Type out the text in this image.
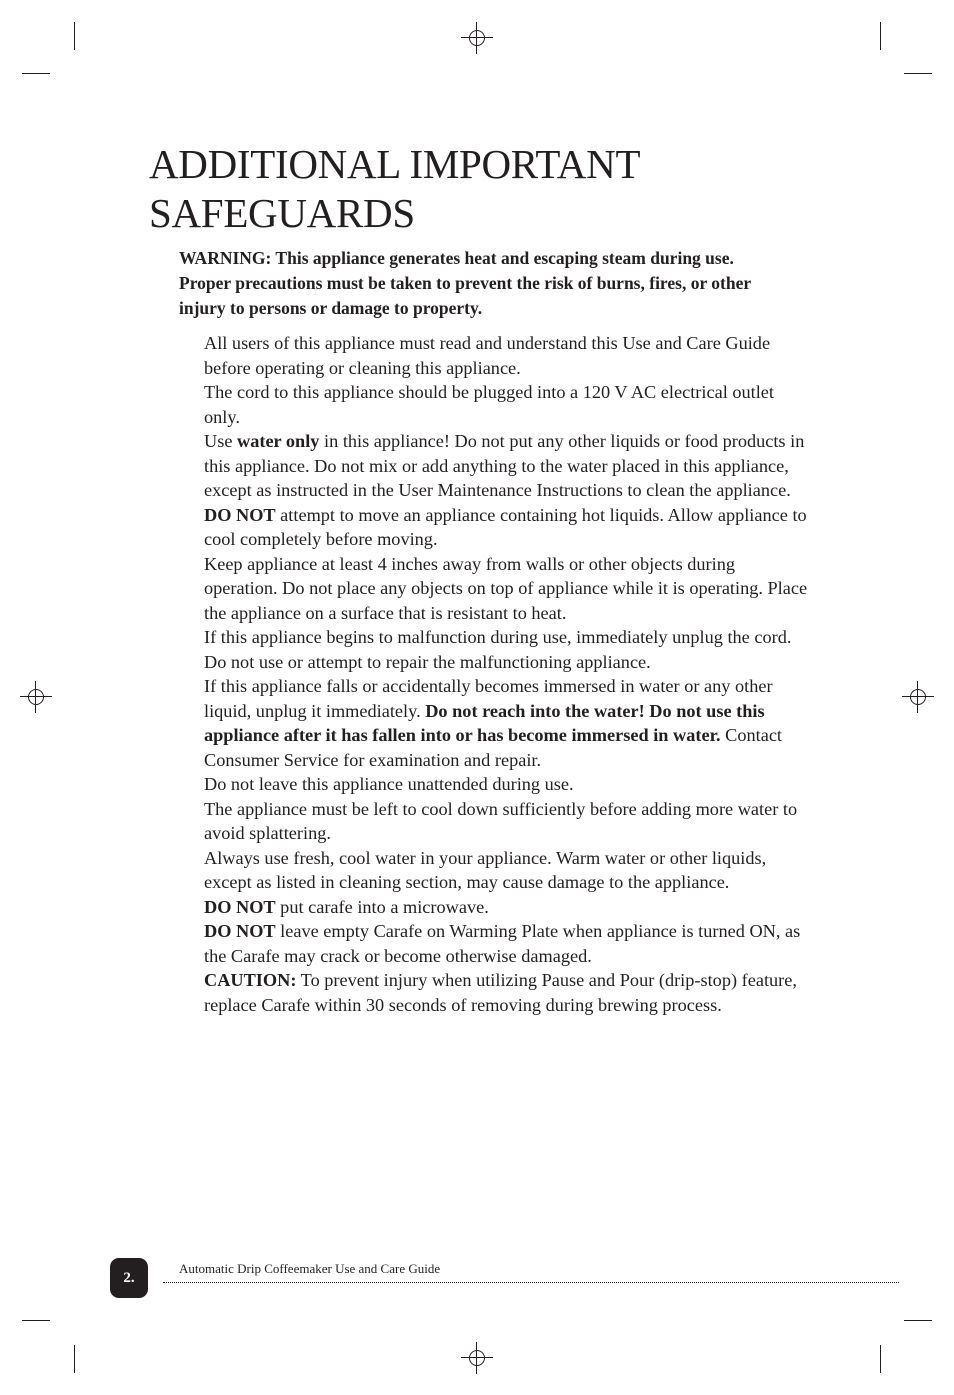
ADDITIONAL IMPORTANT
SAFEGUARDS
WARNING: This appliance generates heat and escaping steam during use. Proper precautions must be taken to prevent the risk of burns, fires, or other injury to persons or damage to property.
All users of this appliance must read and understand this Use and Care Guide before operating or cleaning this appliance.
The cord to this appliance should be plugged into a 120 V AC electrical outlet only.
Use water only in this appliance! Do not put any other liquids or food products in this appliance. Do not mix or add anything to the water placed in this appliance, except as instructed in the User Maintenance Instructions to clean the appliance.
DO NOT attempt to move an appliance containing hot liquids. Allow appliance to cool completely before moving.
Keep appliance at least 4 inches away from walls or other objects during operation. Do not place any objects on top of appliance while it is operating. Place the appliance on a surface that is resistant to heat.
If this appliance begins to malfunction during use, immediately unplug the cord. Do not use or attempt to repair the malfunctioning appliance.
If this appliance falls or accidentally becomes immersed in water or any other liquid, unplug it immediately. Do not reach into the water! Do not use this appliance after it has fallen into or has become immersed in water. Contact Consumer Service for examination and repair.
Do not leave this appliance unattended during use.
The appliance must be left to cool down sufficiently before adding more water to avoid splattering.
Always use fresh, cool water in your appliance. Warm water or other liquids, except as listed in cleaning section, may cause damage to the appliance.
DO NOT put carafe into a microwave.
DO NOT leave empty Carafe on Warming Plate when appliance is turned ON, as the Carafe may crack or become otherwise damaged.
CAUTION: To prevent injury when utilizing Pause and Pour (drip-stop) feature, replace Carafe within 30 seconds of removing during brewing process.
2.
Automatic Drip Coffeemaker Use and Care Guide
